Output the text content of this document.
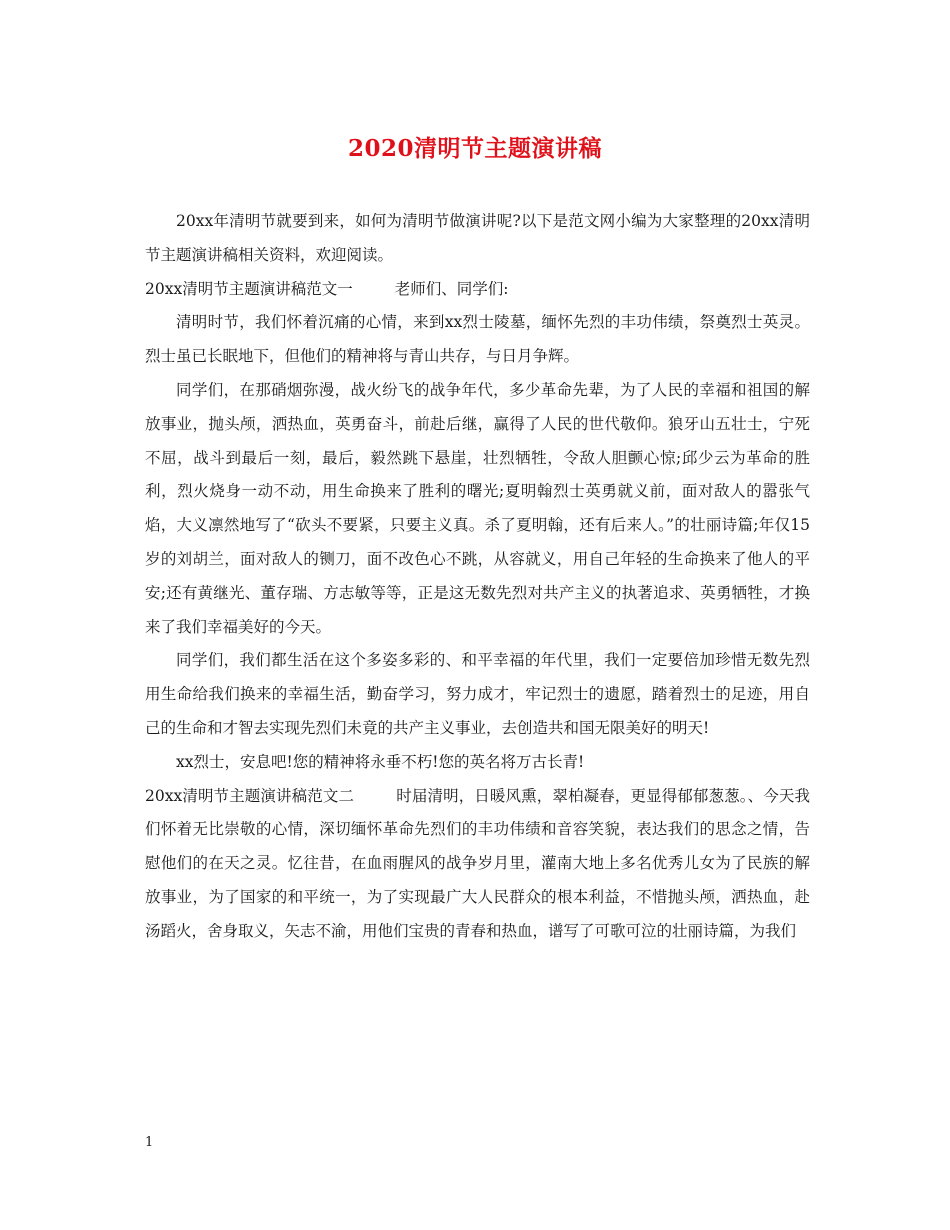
2020清明节主题演讲稿

20xx年清明节就要到来，如何为清明节做演讲呢?以下是范文网小编为大家整理的20xx清明节主题演讲稿相关资料，欢迎阅读。

20xx清明节主题演讲稿范文一	老师们、同学们:

清明时节，我们怀着沉痛的心情，来到xx烈士陵墓，缅怀先烈的丰功伟绩，祭奠烈士英灵。烈士虽已长眠地下，但他们的精神将与青山共存，与日月争辉。

同学们，在那硝烟弥漫，战火纷飞的战争年代，多少革命先辈，为了人民的幸福和祖国的解放事业，抛头颅，洒热血，英勇奋斗，前赴后继，赢得了人民的世代敬仰。狼牙山五壮士，宁死不屈，战斗到最后一刻，最后，毅然跳下悬崖，壮烈牺牲，令敌人胆颤心惊;邱少云为革命的胜利，烈火烧身一动不动，用生命换来了胜利的曙光;夏明翰烈士英勇就义前，面对敌人的嚣张气焰，大义凛然地写了“砍头不要紧，只要主义真。杀了夏明翰，还有后来人。”的壮丽诗篇;年仅15岁的刘胡兰，面对敌人的铡刀，面不改色心不跳，从容就义，用自己年轻的生命换来了他人的平安;还有黄继光、董存瑞、方志敏等等，正是这无数先烈对共产主义的执著追求、英勇牺牲，才换来了我们幸福美好的今天。

同学们，我们都生活在这个多姿多彩的、和平幸福的年代里，我们一定要倍加珍惜无数先烈用生命给我们换来的幸福生活，勤奋学习，努力成才，牢记烈士的遗愿，踏着烈士的足迹，用自己的生命和才智去实现先烈们未竟的共产主义事业，去创造共和国无限美好的明天!

xx烈士，安息吧!您的精神将永垂不朽!您的英名将万古长青!

20xx清明节主题演讲稿范文二	时届清明，日暖风熏，翠柏凝春，更显得郁郁葱葱。、今天我们怀着无比崇敬的心情，深切缅怀革命先烈们的丰功伟绩和音容笑貌，表达我们的思念之情，告慰他们的在天之灵。忆往昔，在血雨腥风的战争岁月里，灌南大地上多名优秀儿女为了民族的解放事业，为了国家的和平统一，为了实现最广大人民群众的根本利益，不惜抛头颅，洒热血，赴汤蹈火，舍身取义，矢志不渝，用他们宝贵的青春和热血，谱写了可歌可泣的壮丽诗篇，为我们

1
